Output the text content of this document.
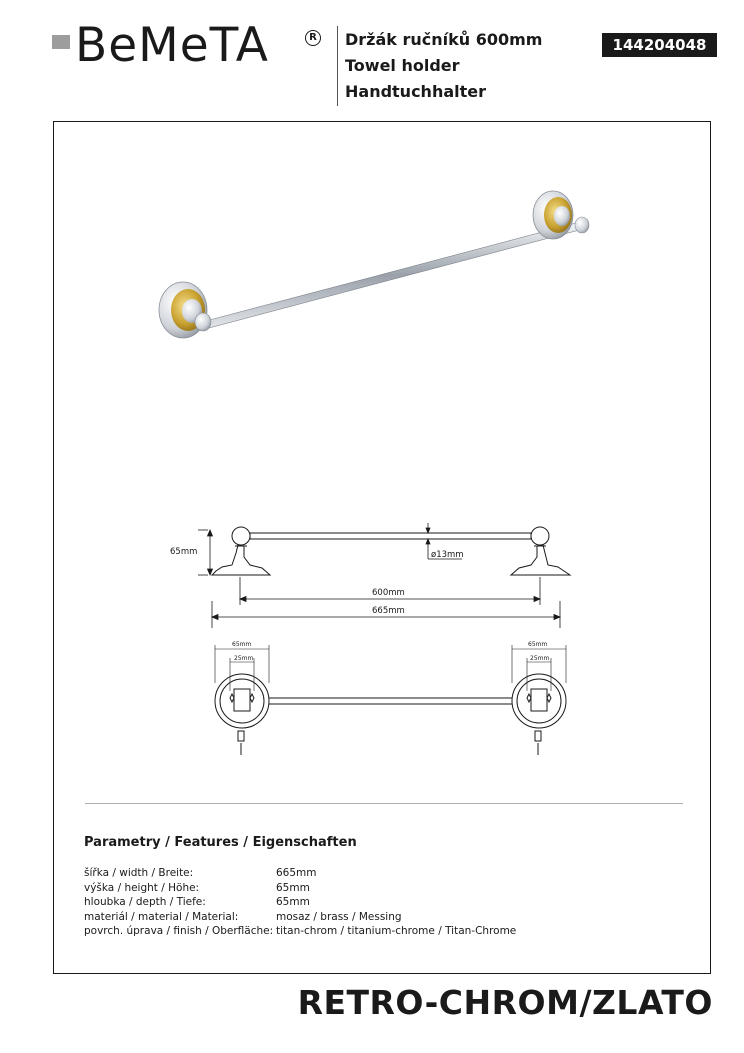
BeMeTA	R Držák ručníků 600mm
Towel holder
Handtuchhalter
144204048
65mm	ø13mm
600mm
665mm
65mm
25mm
65mm
25mm
Parametry / Features / Eigenschaften
šířka / width / Breite:	665mm
výška / height / Höhe:	65mm
hloubka / depth / Tiefe:	65mm
materiál / material / Material:	mosaz / brass / Messing
povrch. úprava / finish / Oberfläche: titan-chrom / titanium-chrome / Titan-Chrome
RETRO-CHROM/ZLATO
